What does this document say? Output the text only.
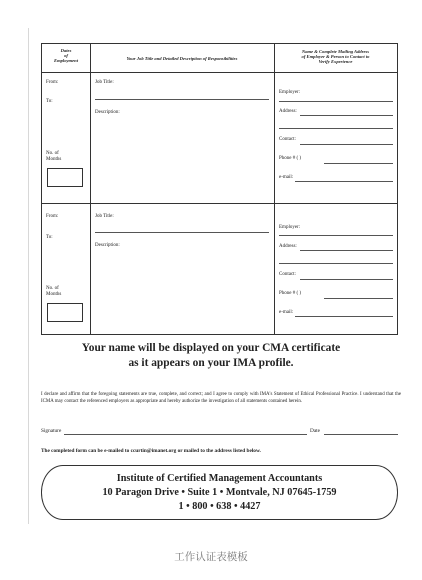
Dates
of
Employment	Your Job Title and Detailed Description of Responsibilities
Name & Complete Mailing Address
of Employer & Person to Contact to
Verify Experience
From:
To:
No. of
Months
Job Title:
Description:
Employer:
Address:
Contact:
Phone # ( )
e-mail:
From:
To:
No. of
Months
Job Title:
Description:
Employer:
Address:
Contact:
Phone # ( )
e-mail:
Your name will be displayed on your CMA certificate
as it appears on your IMA profile.
I declare and affirm that the foregoing statements are true, complete, and correct; and I agree to comply with IMA's Statement of Ethical Professional Practice. I understand that the ICMA may contact the referenced employers as appropriate and hereby authorize the investigation of all statements contained herein.
Signature	Date
The completed form can be e-mailed to ccurtin@imanet.org or mailed to the address listed below.
Institute of Certified Management Accountants
10 Paragon Drive • Suite 1 • Montvale, NJ 07645-1759
1 • 800 • 638 • 4427
工作认证表模板
